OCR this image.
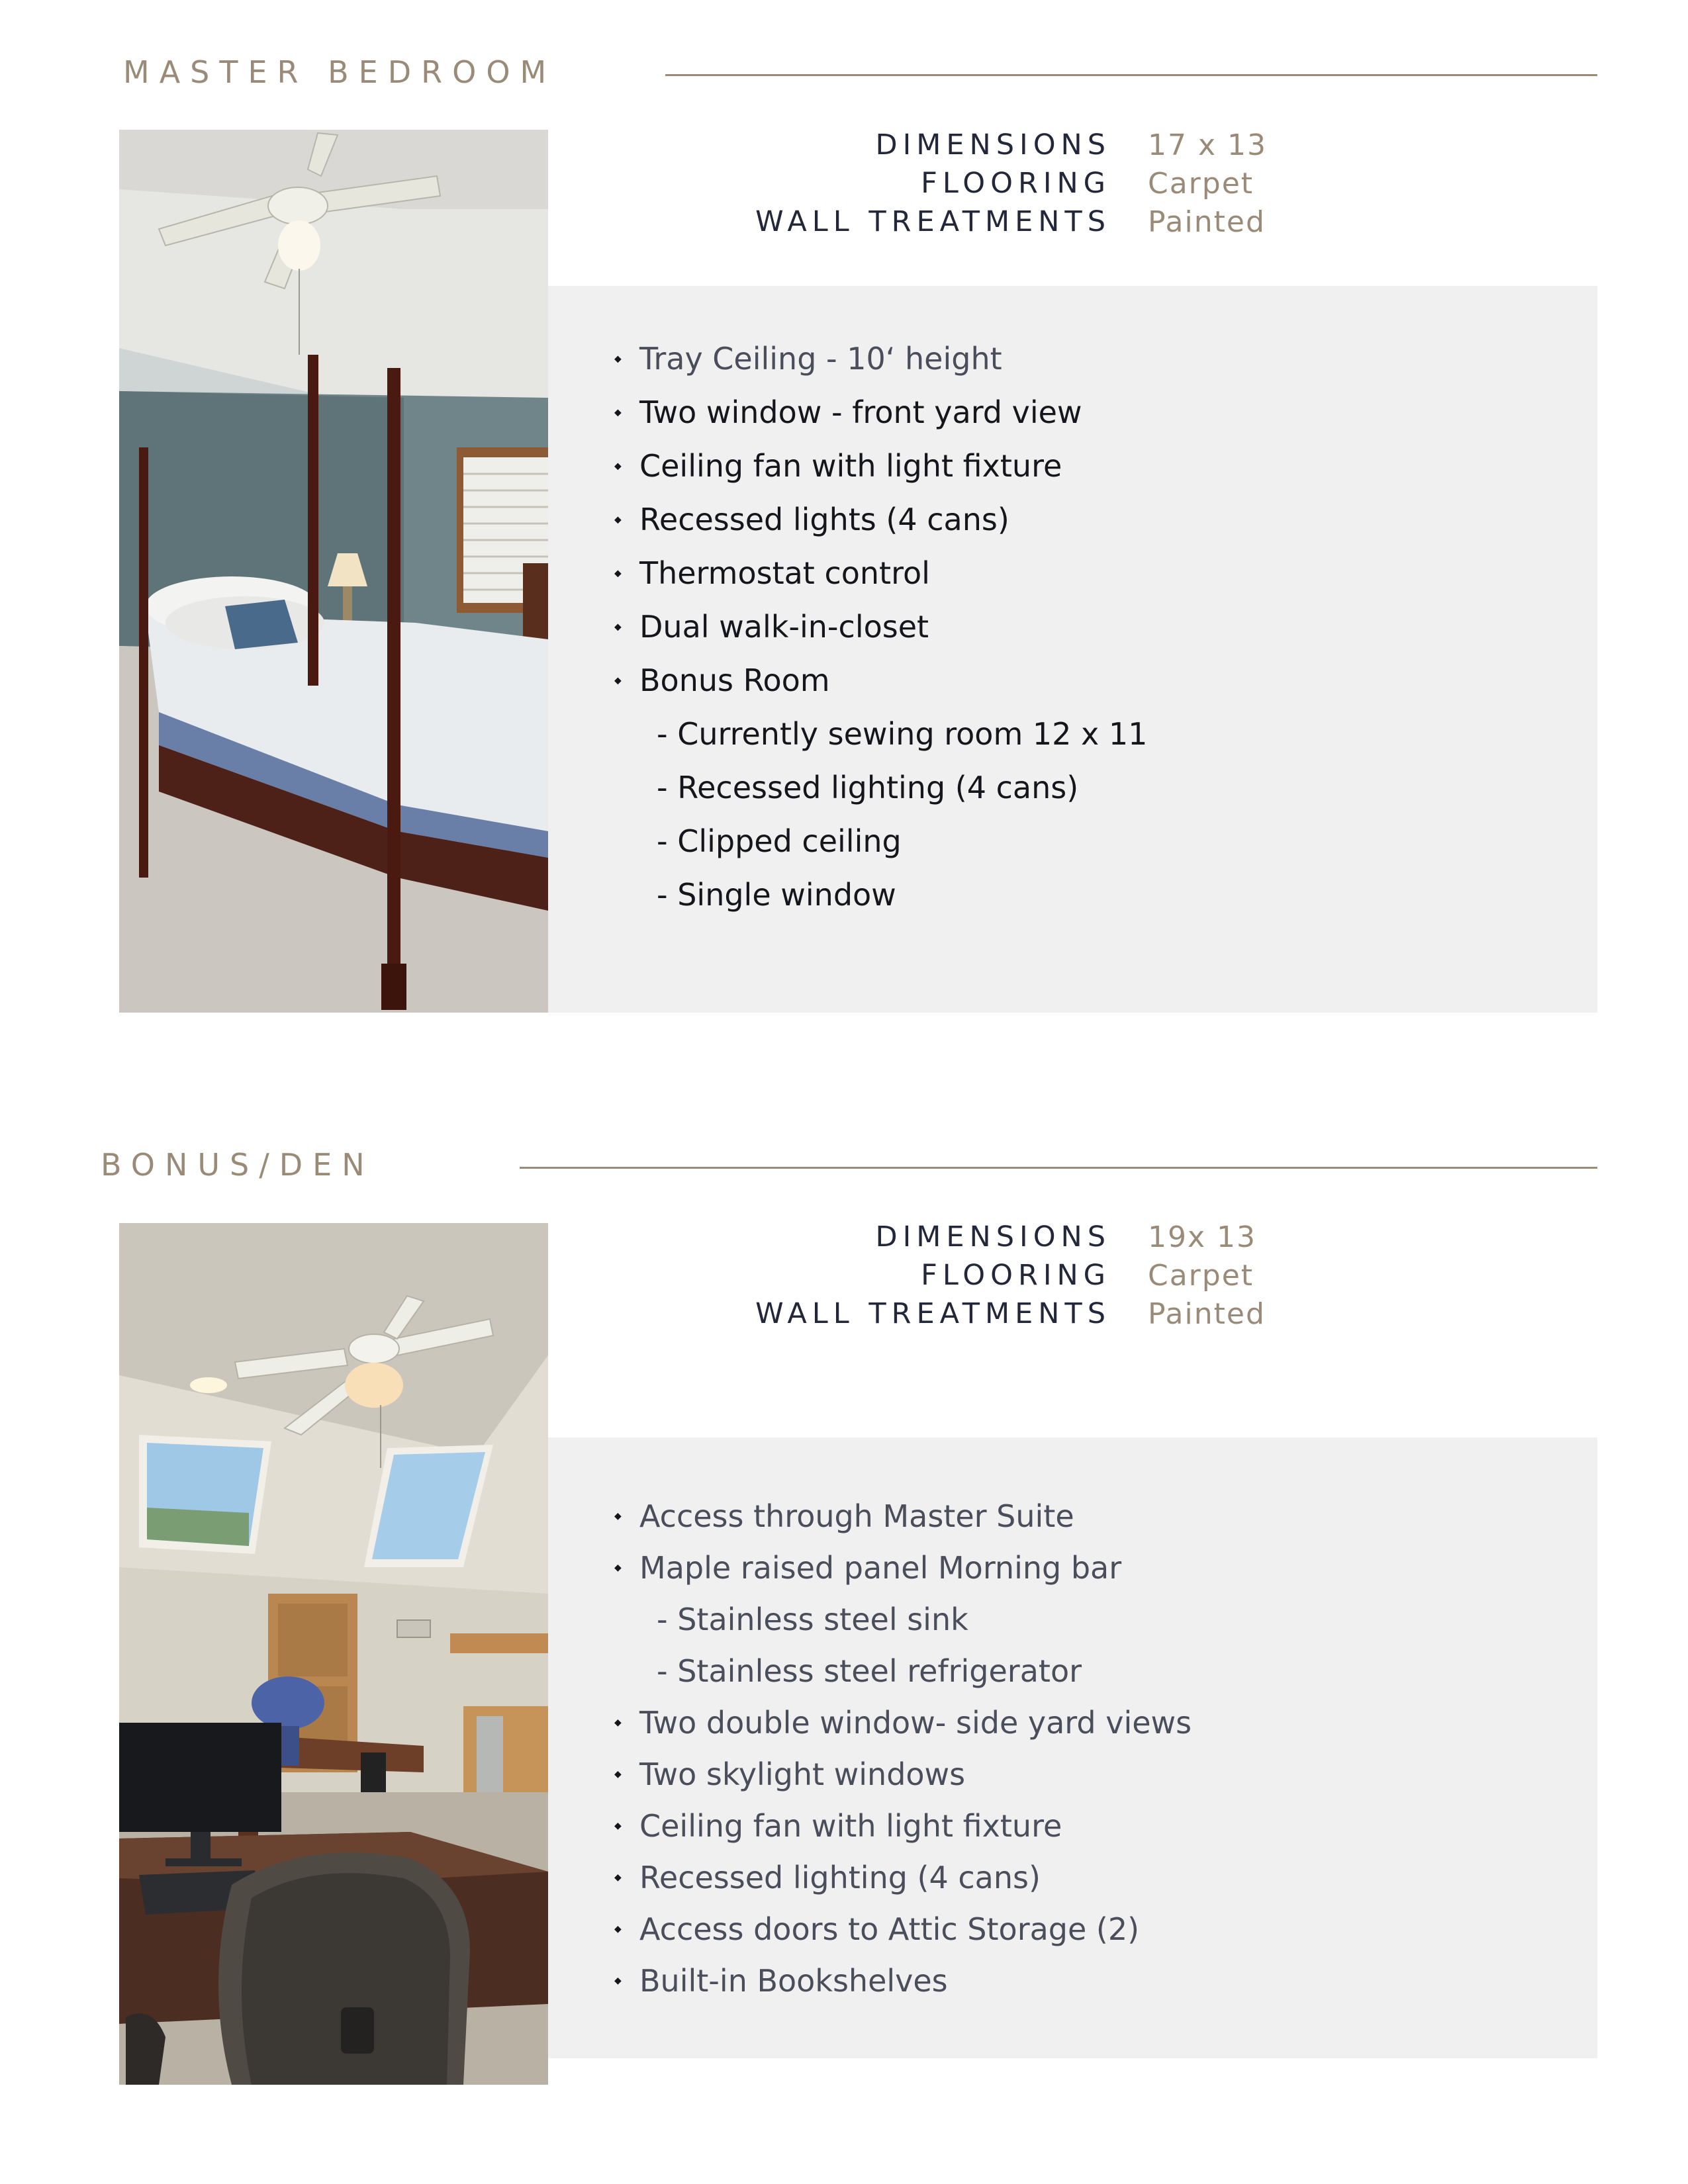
MASTER BEDROOM
DIMENSIONS 17 x 13
FLOORING Carpet
WALL TREATMENTS Painted
◆ Tray Ceiling - 10‘ height
◆ Two window - front yard view
◆ Ceiling fan with light fixture
◆ Recessed lights (4 cans)
◆ Thermostat control
◆ Dual walk-in-closet
◆ Bonus Room
- Currently sewing room 12 x 11
- Recessed lighting (4 cans)
- Clipped ceiling
- Single window
BONUS/DEN
DIMENSIONS 19x 13
FLOORING Carpet
WALL TREATMENTS Painted
◆ Access through Master Suite
◆ Maple raised panel Morning bar
- Stainless steel sink
- Stainless steel refrigerator
◆ Two double window- side yard views
◆ Two skylight windows
◆ Ceiling fan with light fixture
◆ Recessed lighting (4 cans)
◆ Access doors to Attic Storage (2)
◆ Built-in Bookshelves
